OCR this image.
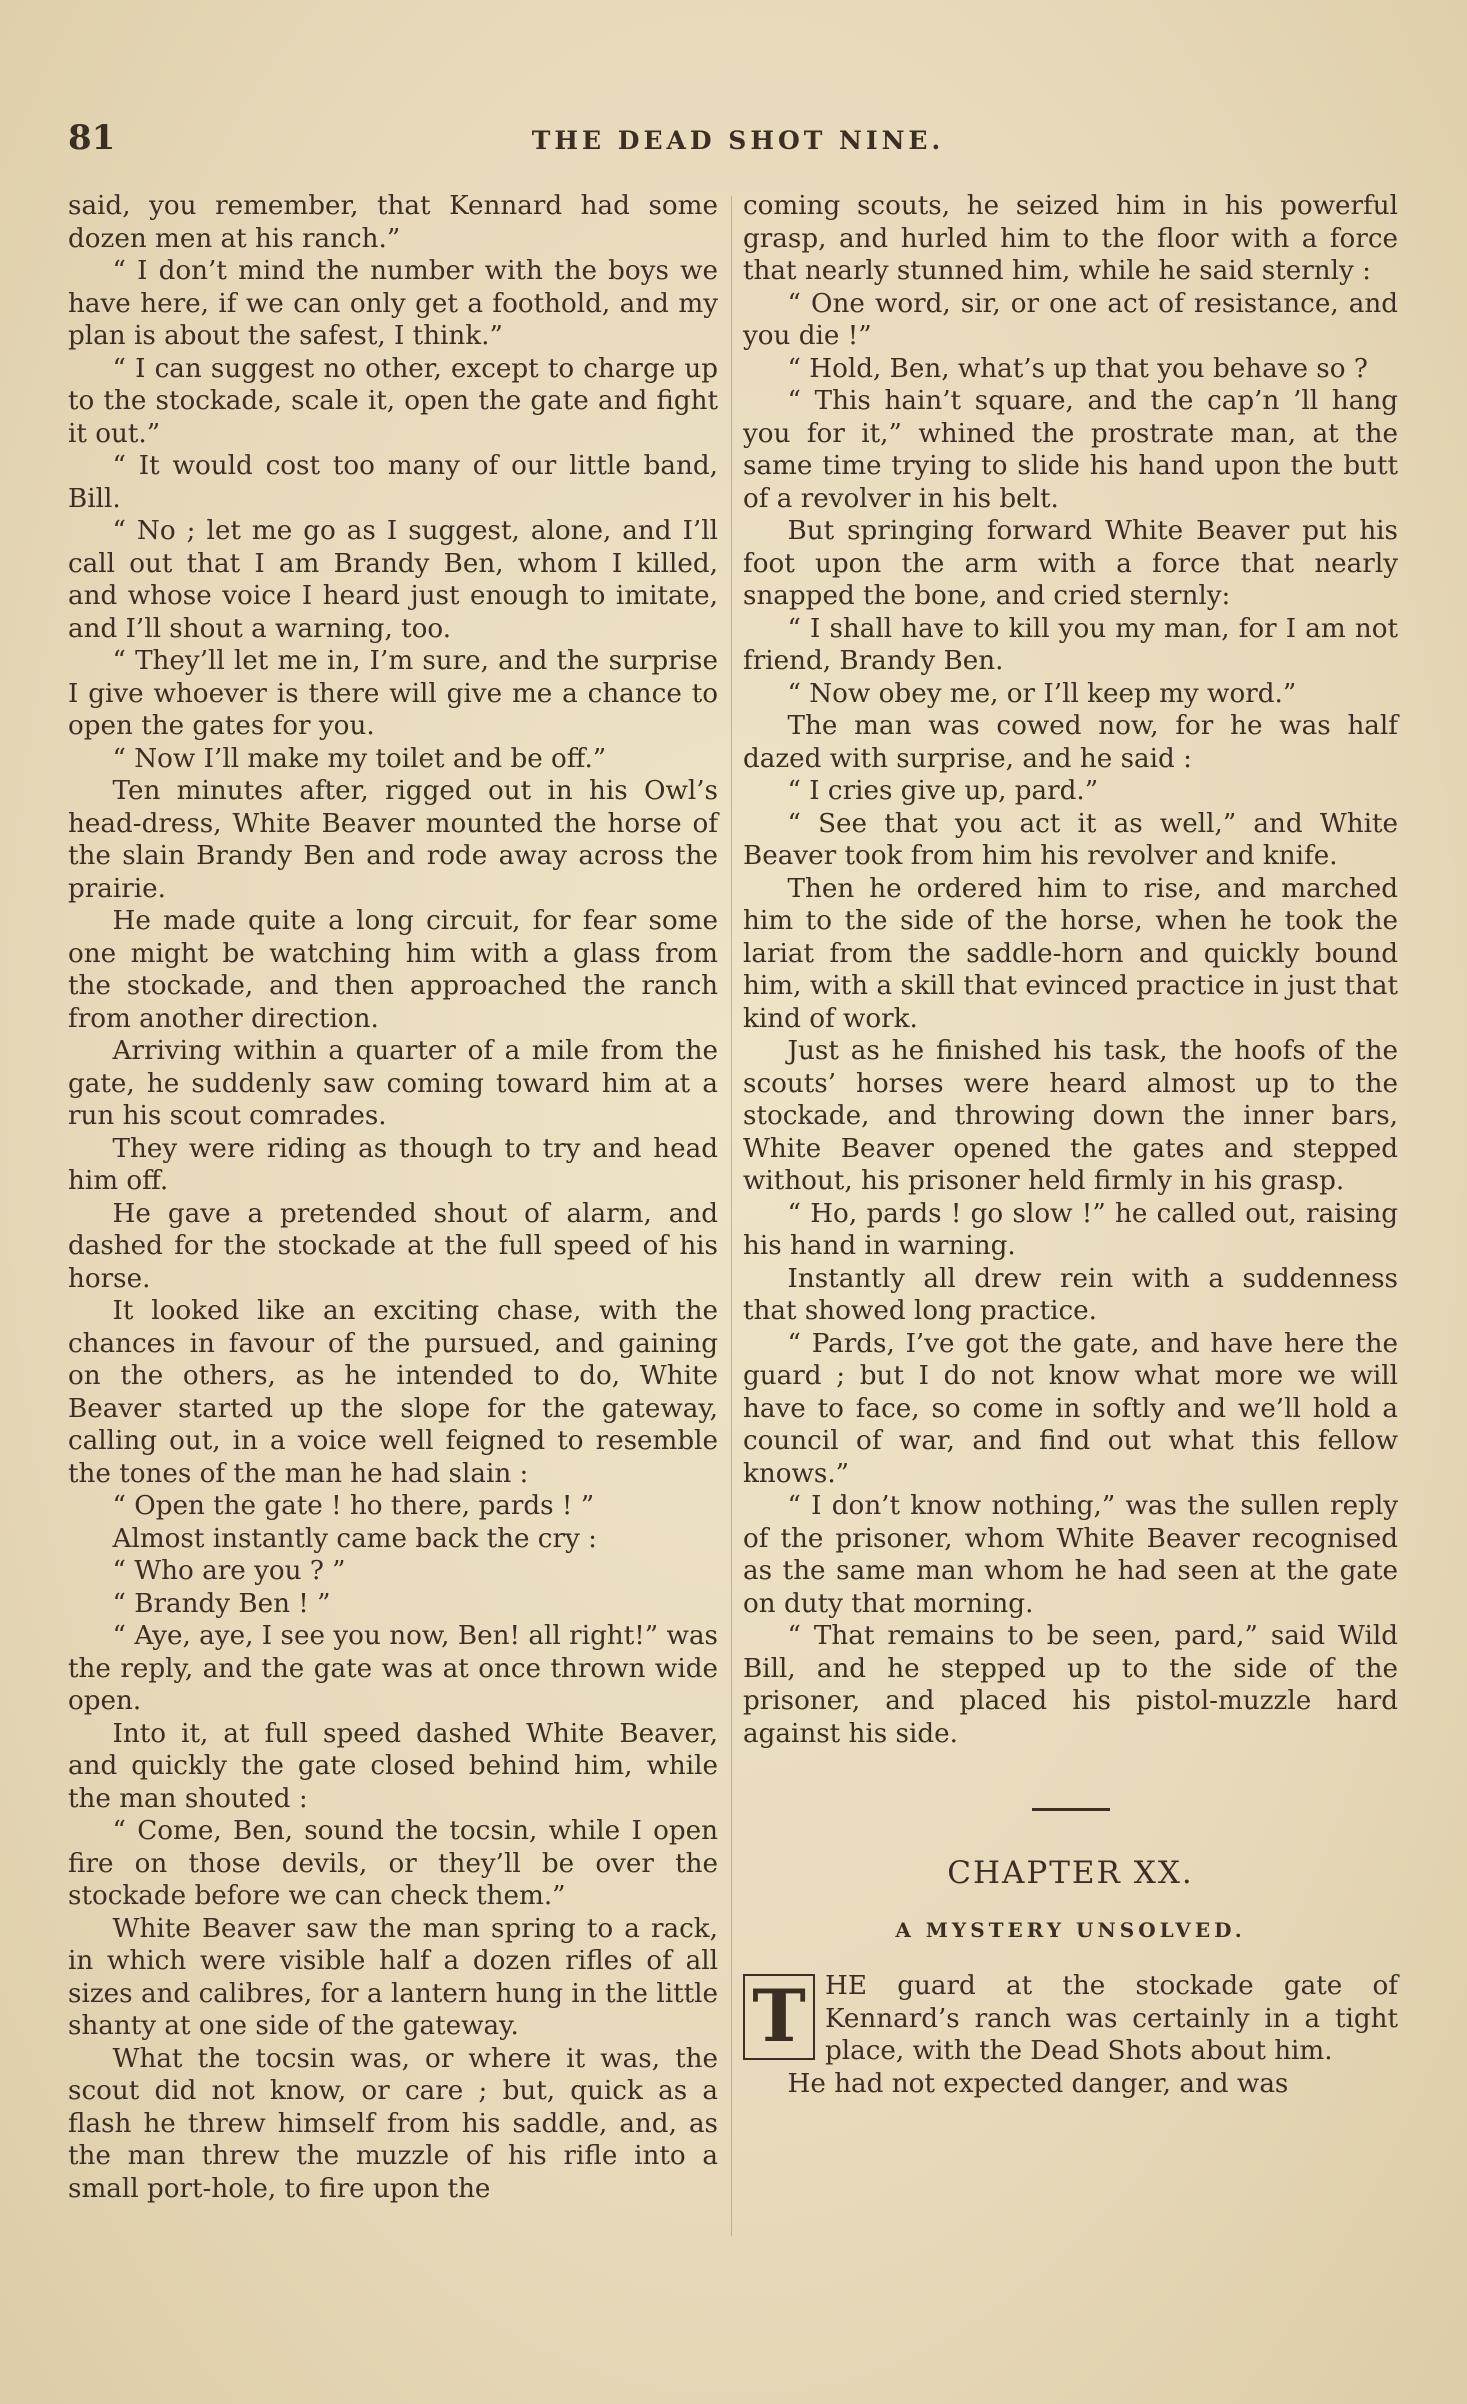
81	THE DEAD SHOT NINE.

said, you remember, that Kennard had some dozen men at his ranch.”

“ I don’t mind the number with the boys we have here, if we can only get a foothold, and my plan is about the safest, I think.”

“ I can suggest no other, except to charge up to the stockade, scale it, open the gate and fight it out.”

“ It would cost too many of our little band, Bill.

“ No ; let me go as I suggest, alone, and I’ll call out that I am Brandy Ben, whom I killed, and whose voice I heard just enough to imitate, and I’ll shout a warning, too.

“ They’ll let me in, I’m sure, and the surprise I give whoever is there will give me a chance to open the gates for you.

“ Now I’ll make my toilet and be off.”

Ten minutes after, rigged out in his Owl’s head-dress, White Beaver mounted the horse of the slain Brandy Ben and rode away across the prairie.

He made quite a long circuit, for fear some one might be watching him with a glass from the stockade, and then approached the ranch from another direction.

Arriving within a quarter of a mile from the gate, he suddenly saw coming toward him at a run his scout comrades.

They were riding as though to try and head him off.

He gave a pretended shout of alarm, and dashed for the stockade at the full speed of his horse.

It looked like an exciting chase, with the chances in favour of the pursued, and gaining on the others, as he intended to do, White Beaver started up the slope for the gateway, calling out, in a voice well feigned to resemble the tones of the man he had slain :

“ Open the gate ! ho there, pards ! ”

Almost instantly came back the cry :

“ Who are you ? ”

“ Brandy Ben ! ”

“ Aye, aye, I see you now, Ben! all right!” was the reply, and the gate was at once thrown wide open.

Into it, at full speed dashed White Beaver, and quickly the gate closed behind him, while the man shouted :

“ Come, Ben, sound the tocsin, while I open fire on those devils, or they’ll be over the stockade before we can check them.”

White Beaver saw the man spring to a rack, in which were visible half a dozen rifles of all sizes and calibres, for a lantern hung in the little shanty at one side of the gateway.

What the tocsin was, or where it was, the scout did not know, or care ; but, quick as a flash he threw himself from his saddle, and, as the man threw the muzzle of his rifle into a small port-hole, to fire upon the

coming scouts, he seized him in his powerful grasp, and hurled him to the floor with a force that nearly stunned him, while he said sternly :

“ One word, sir, or one act of resistance, and you die !”

“ Hold, Ben, what’s up that you behave so ?

“ This hain’t square, and the cap’n ’ll hang you for it,” whined the prostrate man, at the same time trying to slide his hand upon the butt of a revolver in his belt.

But springing forward White Beaver put his foot upon the arm with a force that nearly snapped the bone, and cried sternly:

“ I shall have to kill you my man, for I am not friend, Brandy Ben.

“ Now obey me, or I’ll keep my word.”

The man was cowed now, for he was half dazed with surprise, and he said :

“ I cries give up, pard.”

“ See that you act it as well,” and White Beaver took from him his revolver and knife.

Then he ordered him to rise, and marched him to the side of the horse, when he took the lariat from the saddle-horn and quickly bound him, with a skill that evinced practice in just that kind of work.

Just as he finished his task, the hoofs of the scouts’ horses were heard almost up to the stockade, and throwing down the inner bars, White Beaver opened the gates and stepped without, his prisoner held firmly in his grasp.

“ Ho, pards ! go slow !” he called out, raising his hand in warning.

Instantly all drew rein with a suddenness that showed long practice.

“ Pards, I’ve got the gate, and have here the guard ; but I do not know what more we will have to face, so come in softly and we’ll hold a council of war, and find out what this fellow knows.”

“ I don’t know nothing,” was the sullen reply of the prisoner, whom White Beaver recognised as the same man whom he had seen at the gate on duty that morning.

“ That remains to be seen, pard,” said Wild Bill, and he stepped up to the side of the prisoner, and placed his pistol-muzzle hard against his side.

CHAPTER XX.
A MYSTERY UNSOLVED.
T HE guard at the stockade gate of Kennard’s ranch was certainly in a tight place, with the Dead Shots about him.

He had not expected danger, and was
